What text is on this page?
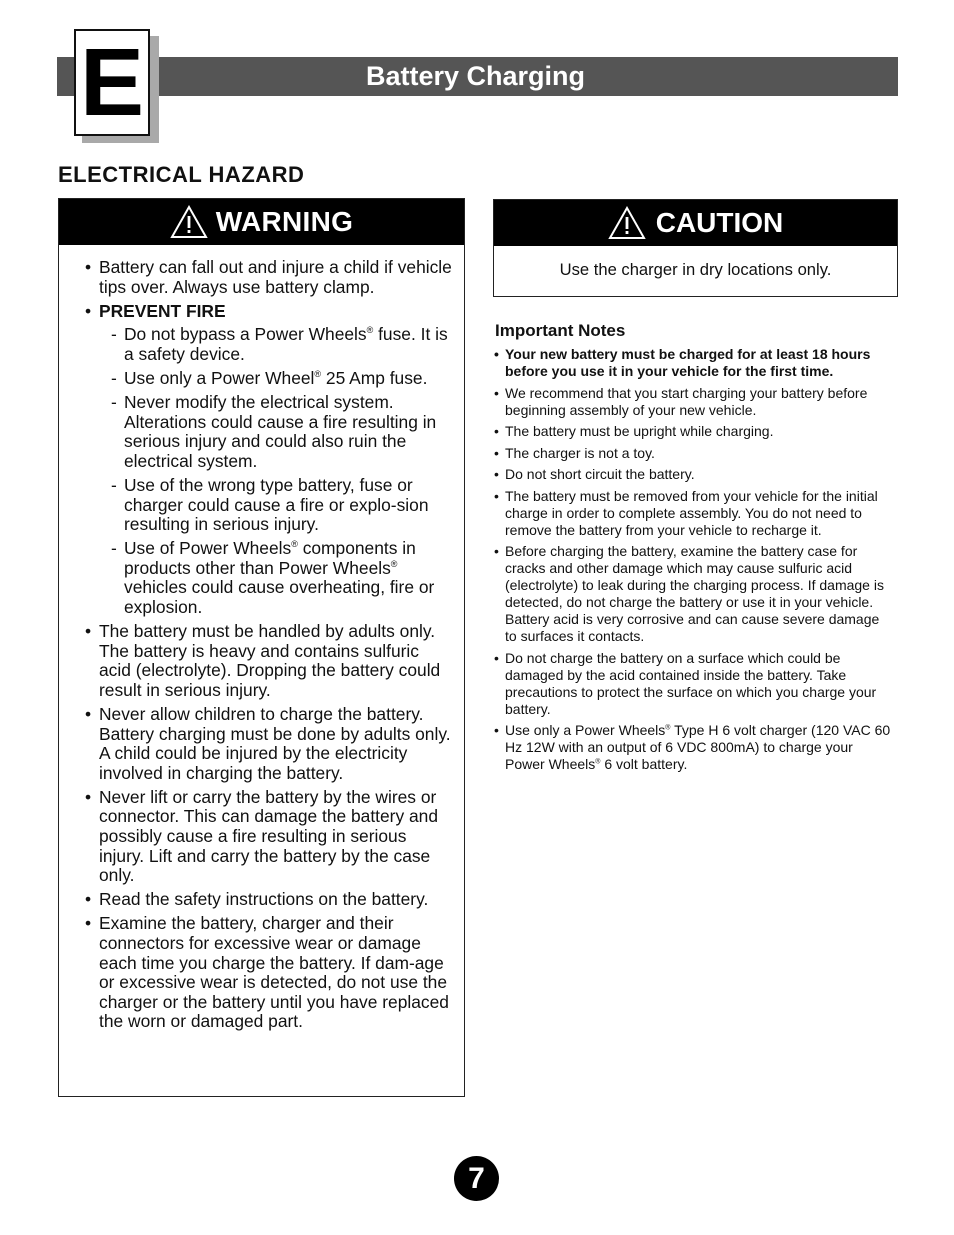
Battery Charging
E
ELECTRICAL HAZARD
WARNING
• Battery can fall out and injure a child if vehicle tips over. Always use battery clamp.
• PREVENT FIRE
- Do not bypass a Power Wheels® fuse. It is a safety device.
- Use only a Power Wheel® 25 Amp fuse.
- Never modify the electrical system. Alterations could cause a fire resulting in serious injury and could also ruin the electrical system.
- Use of the wrong type battery, fuse or charger could cause a fire or explo-sion resulting in serious injury.
- Use of Power Wheels® components in products other than Power Wheels® vehicles could cause overheating, fire or explosion.
• The battery must be handled by adults only. The battery is heavy and contains sulfuric acid (electrolyte). Dropping the battery could result in serious injury.
• Never allow children to charge the battery. Battery charging must be done by adults only. A child could be injured by the electricity involved in charging the battery.
• Never lift or carry the battery by the wires or connector. This can damage the battery and possibly cause a fire resulting in serious injury. Lift and carry the battery by the case only.
• Read the safety instructions on the battery.
• Examine the battery, charger and their connectors for excessive wear or damage each time you charge the battery. If dam-age or excessive wear is detected, do not use the charger or the battery until you have replaced the worn or damaged part.
CAUTION
Use the charger in dry locations only.
Important Notes
• Your new battery must be charged for at least 18 hours before you use it in your vehicle for the first time.
• We recommend that you start charging your battery before beginning assembly of your new vehicle.
• The battery must be upright while charging.
• The charger is not a toy.
• Do not short circuit the battery.
• The battery must be removed from your vehicle for the initial charge in order to complete assembly. You do not need to remove the battery from your vehicle to recharge it.
• Before charging the battery, examine the battery case for cracks and other damage which may cause sulfuric acid (electrolyte) to leak during the charging process. If damage is detected, do not charge the battery or use it in your vehicle. Battery acid is very corrosive and can cause severe damage to surfaces it contacts.
• Do not charge the battery on a surface which could be damaged by the acid contained inside the battery. Take precautions to protect the surface on which you charge your battery.
• Use only a Power Wheels® Type H 6 volt charger (120 VAC 60 Hz 12W with an output of 6 VDC 800mA) to charge your Power Wheels® 6 volt battery.
7
